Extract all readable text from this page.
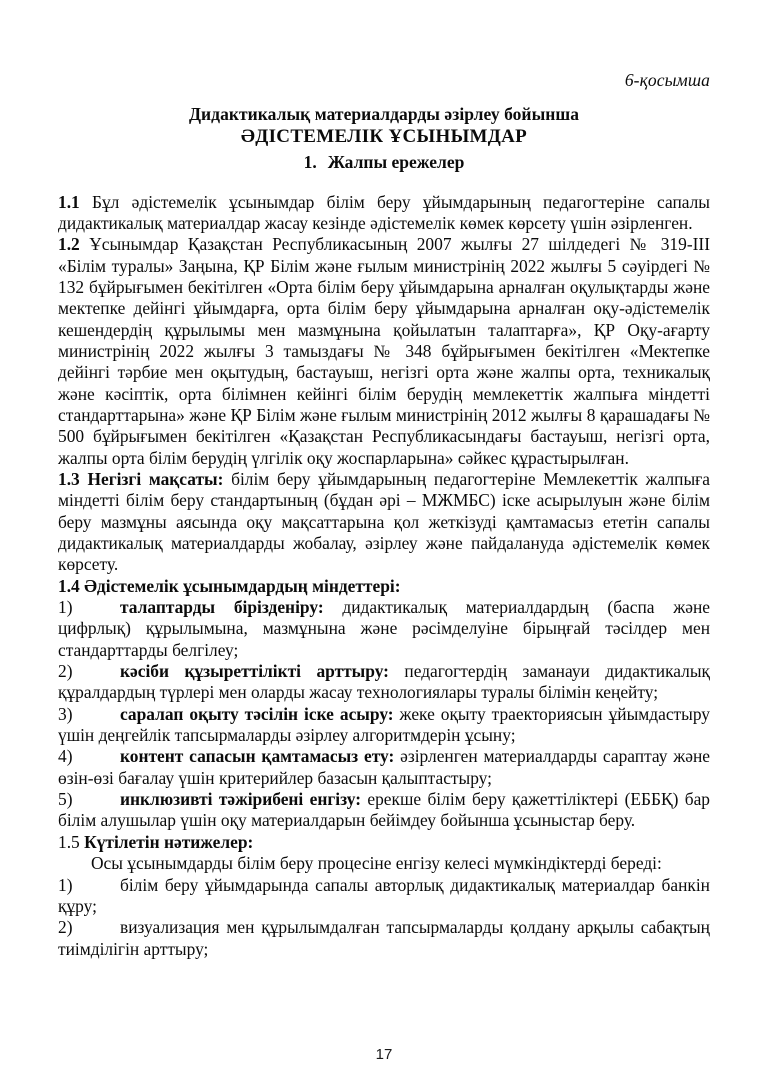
6-қосымша
Дидактикалық материалдарды әзірлеу бойынша
ӘДІСТЕМЕЛІК ҰСЫНЫМДАР
1. Жалпы ережелер

1.1 Бұл әдістемелік ұсынымдар білім беру ұйымдарының педагогтеріне сапалы дидактикалық материалдар жасау кезінде әдістемелік көмек көрсету үшін әзірленген.

1.2 Ұсынымдар Қазақстан Республикасының 2007 жылғы 27 шілдедегі № 319-III «Білім туралы» Заңына, ҚР Білім және ғылым министрінің 2022 жылғы 5 сәуірдегі № 132 бұйрығымен бекітілген «Орта білім беру ұйымдарына арналған оқулықтарды және мектепке дейінгі ұйымдарға, орта білім беру ұйымдарына арналған оқу-әдістемелік кешендердің құрылымы мен мазмұнына қойылатын талаптарға», ҚР Оқу-ағарту министрінің 2022 жылғы 3 тамыздағы № 348 бұйрығымен бекітілген «Мектепке дейінгі тәрбие мен оқытудың, бастауыш, негізгі орта және жалпы орта, техникалық және кәсіптік, орта білімнен кейінгі білім берудің мемлекеттік жалпыға міндетті стандарттарына» және ҚР Білім және ғылым министрінің 2012 жылғы 8 қарашадағы № 500 бұйрығымен бекітілген «Қазақстан Республикасындағы бастауыш, негізгі орта, жалпы орта білім берудің үлгілік оқу жоспарларына» сәйкес құрастырылған.

1.3 Негізгі мақсаты: білім беру ұйымдарының педагогтеріне Мемлекеттік жалпыға міндетті білім беру стандартының (бұдан әрі – МЖМБС) іске асырылуын және білім беру мазмұны аясында оқу мақсаттарына қол жеткізуді қамтамасыз ететін сапалы дидактикалық материалдарды жобалау, әзірлеу және пайдалануда әдістемелік көмек көрсету.

1.4 Әдістемелік ұсынымдардың міндеттері:

1)	талаптарды бірізденіру: дидактикалық материалдардың (баспа және цифрлық) құрылымына, мазмұнына және рәсімделуіне бірыңғай тәсілдер мен стандарттарды белгілеу;

2)	кәсіби құзыреттілікті арттыру: педагогтердің заманауи дидактикалық құралдардың түрлері мен оларды жасау технологиялары туралы білімін кеңейту;

3)	саралап оқыту тәсілін іске асыру: жеке оқыту траекториясын ұйымдастыру үшін деңгейлік тапсырмаларды әзірлеу алгоритмдерін ұсыну;

4)	контент сапасын қамтамасыз ету: әзірленген материалдарды сараптау және өзін-өзі бағалау үшін критерийлер базасын қалыптастыру;

5)	инклюзивті тәжірибені енгізу: ерекше білім беру қажеттіліктері (ЕББҚ) бар білім алушылар үшін оқу материалдарын бейімдеу бойынша ұсыныстар беру.

1.5 Күтілетін нәтижелер:

Осы ұсынымдарды білім беру процесіне енгізу келесі мүмкіндіктерді береді:

1)	білім беру ұйымдарында сапалы авторлық дидактикалық материалдар банкін құру;

2)	визуализация мен құрылымдалған тапсырмаларды қолдану арқылы сабақтың тиімділігін арттыру;

17
